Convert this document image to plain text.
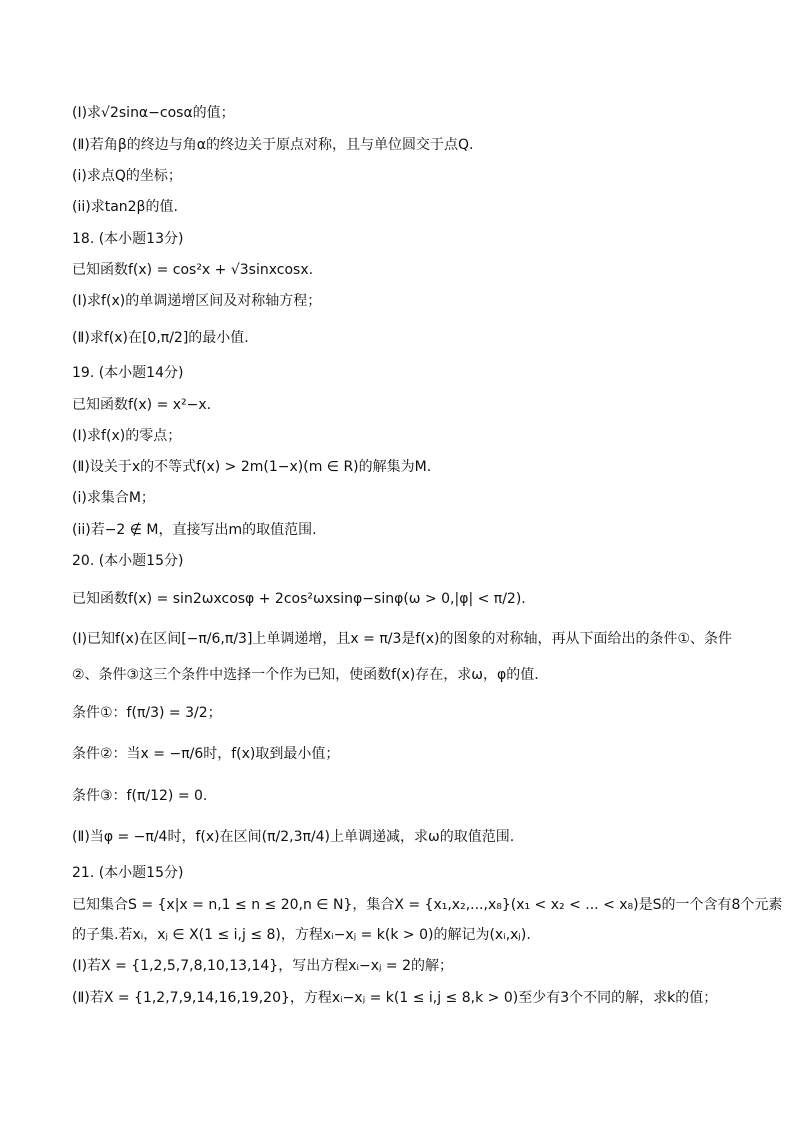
(Ⅰ)求√2sinα−cosα的值；
(Ⅱ)若角β的终边与角α的终边关于原点对称，且与单位圆交于点Q.
(i)求点Q的坐标；
(ii)求tan2β的值.
18. (本小题13分)
已知函数f(x) = cos²x + √3sinxcosx.
(Ⅰ)求f(x)的单调递增区间及对称轴方程；
(Ⅱ)求f(x)在[0,π/2]的最小值.
19. (本小题14分)
已知函数f(x) = x²−x.
(Ⅰ)求f(x)的零点；
(Ⅱ)设关于x的不等式f(x) > 2m(1−x)(m ∈ R)的解集为M.
(i)求集合M；
(ii)若−2 ∉ M，直接写出m的取值范围.
20. (本小题15分)
已知函数f(x) = sin2ωxcosφ + 2cos²ωxsinφ−sinφ(ω > 0,|φ| < π/2).
(Ⅰ)已知f(x)在区间[−π/6,π/3]上单调递增，且x = π/3是f(x)的图象的对称轴，再从下面给出的条件①、条件
②、条件③这三个条件中选择一个作为已知，使函数f(x)存在，求ω，φ的值.
条件①：f(π/3) = 3/2；
条件②：当x = −π/6时，f(x)取到最小值；
条件③：f(π/12) = 0.
(Ⅱ)当φ = −π/4时，f(x)在区间(π/2,3π/4)上单调递减，求ω的取值范围.
21. (本小题15分)
已知集合S = {x|x = n,1 ≤ n ≤ 20,n ∈ N}，集合X = {x₁,x₂,...,x₈}(x₁ < x₂ < ... < x₈)是S的一个含有8个元素
的子集.若xᵢ，xⱼ ∈ X(1 ≤ i,j ≤ 8)，方程xᵢ−xⱼ = k(k > 0)的解记为(xᵢ,xⱼ).
(Ⅰ)若X = {1,2,5,7,8,10,13,14}，写出方程xᵢ−xⱼ = 2的解；
(Ⅱ)若X = {1,2,7,9,14,16,19,20}，方程xᵢ−xⱼ = k(1 ≤ i,j ≤ 8,k > 0)至少有3个不同的解，求k的值；
